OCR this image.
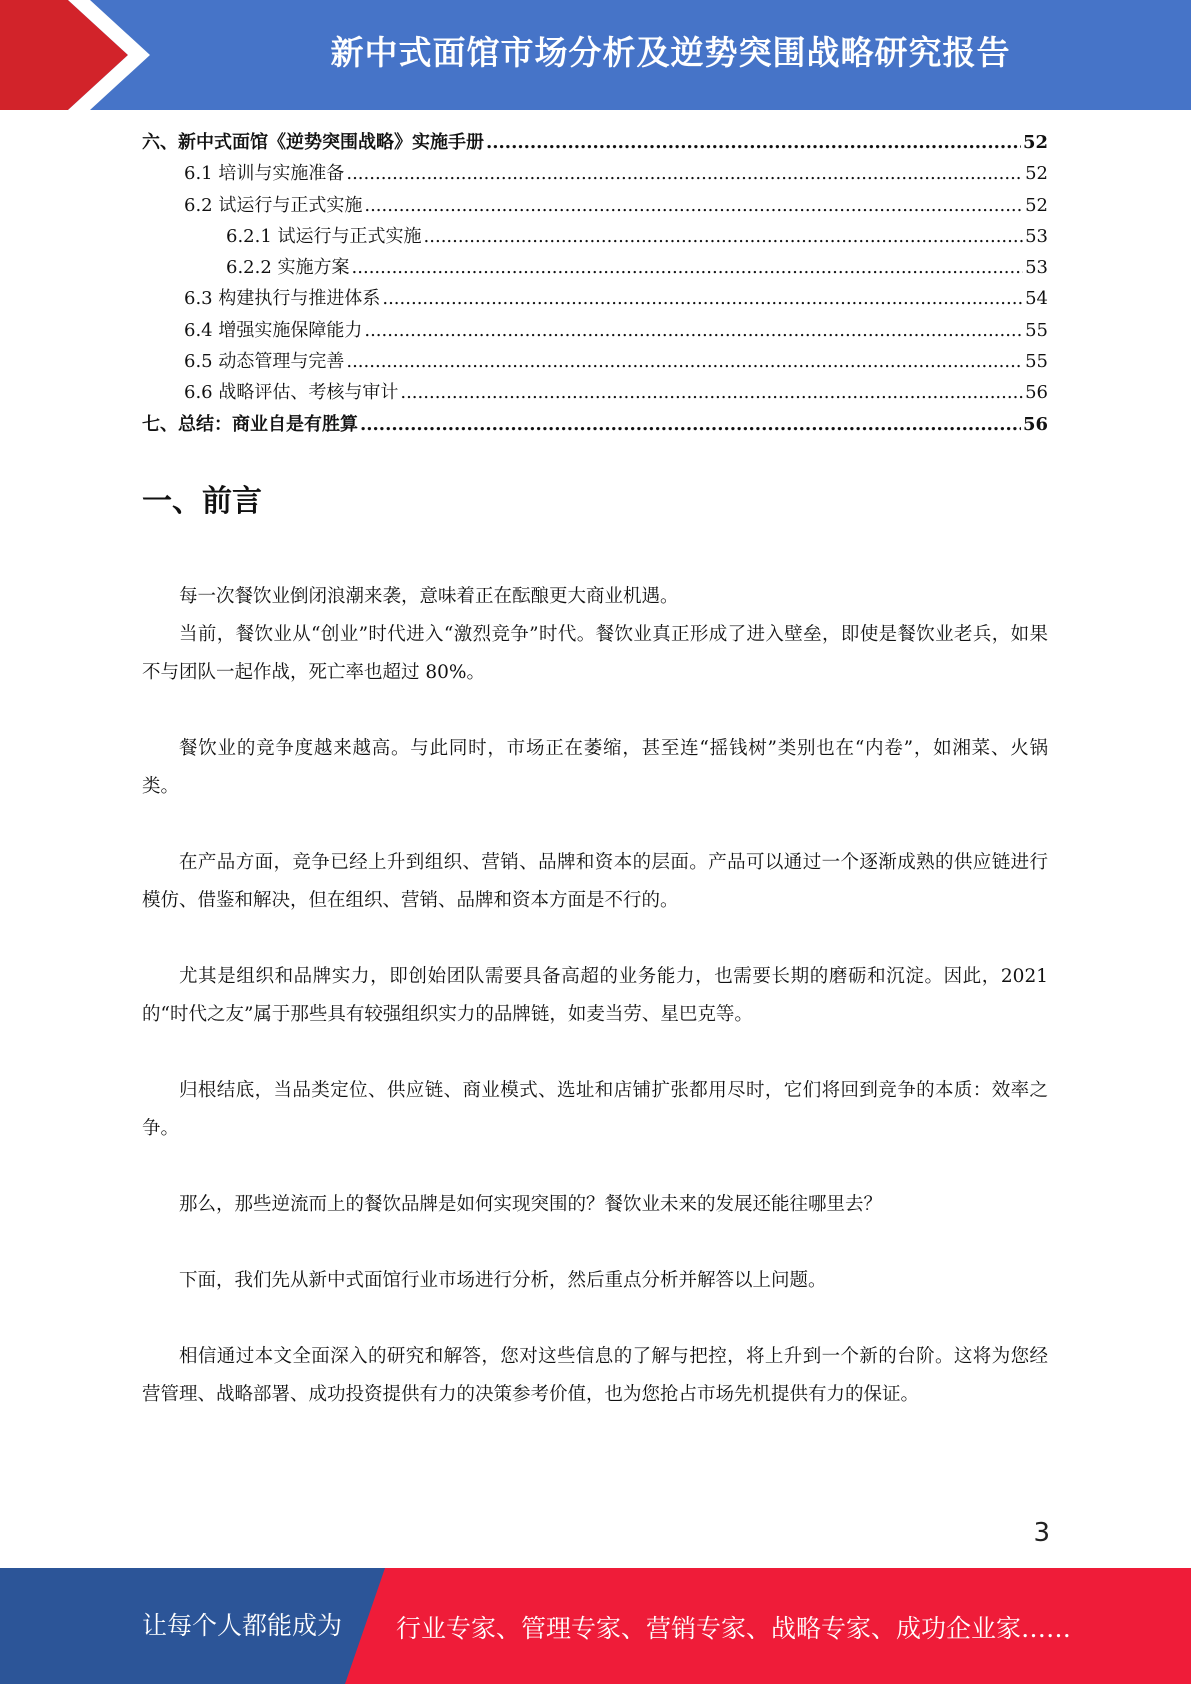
新中式面馆市场分析及逆势突围战略研究报告
六、新中式面馆《逆势突围战略》实施手册 .....	52
6.1 培训与实施准备 .....	52
6.2 试运行与正式实施 .....	52
6.2.1 试运行与正式实施 .....	53
6.2.2 实施方案 .....	53
6.3 构建执行与推进体系 .....	54
6.4 增强实施保障能力 .....	55
6.5 动态管理与完善 .....	55
6.6 战略评估、考核与审计 .....	56
七、总结：商业自是有胜算 .....	56
一、前言

每一次餐饮业倒闭浪潮来袭，意味着正在酝酿更大商业机遇。

当前，餐饮业从“创业”时代进入“激烈竞争”时代。餐饮业真正形成了进入壁垒，即使是餐饮业老兵，如果不与团队一起作战，死亡率也超过 80%。

餐饮业的竞争度越来越高。与此同时，市场正在萎缩，甚至连“摇钱树”类别也在“内卷”，如湘菜、火锅类。

在产品方面，竞争已经上升到组织、营销、品牌和资本的层面。产品可以通过一个逐渐成熟的供应链进行模仿、借鉴和解决，但在组织、营销、品牌和资本方面是不行的。

尤其是组织和品牌实力，即创始团队需要具备高超的业务能力，也需要长期的磨砺和沉淀。因此，2021 的“时代之友”属于那些具有较强组织实力的品牌链，如麦当劳、星巴克等。

归根结底，当品类定位、供应链、商业模式、选址和店铺扩张都用尽时，它们将回到竞争的本质：效率之争。

那么，那些逆流而上的餐饮品牌是如何实现突围的？餐饮业未来的发展还能往哪里去？

下面，我们先从新中式面馆行业市场进行分析，然后重点分析并解答以上问题。

相信通过本文全面深入的研究和解答，您对这些信息的了解与把控，将上升到一个新的台阶。这将为您经营管理、战略部署、成功投资提供有力的决策参考价值，也为您抢占市场先机提供有力的保证。

3
让每个人都能成为 行业专家、管理专家、营销专家、战略专家、成功企业家……
